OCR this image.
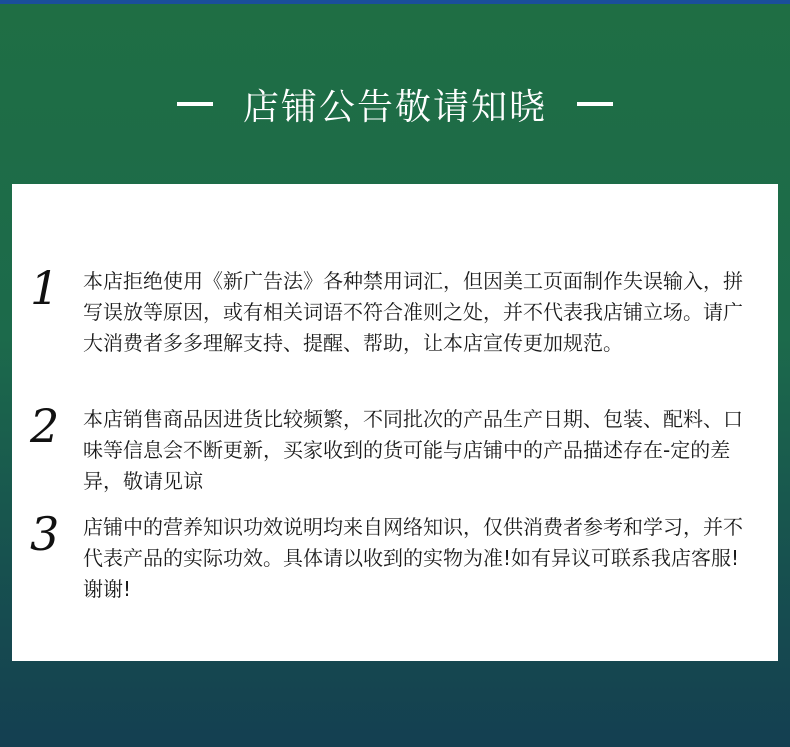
店铺公告敬请知晓
1	本店拒绝使用《新广告法》各种禁用词汇，但因美工页面制作失误输入，拼写误放等原因，或有相关词语不符合准则之处，并不代表我店铺立场。请广大消费者多多理解支持、提醒、帮助，让本店宣传更加规范。

2	本店销售商品因进货比较频繁，不同批次的产品生产日期、包装、配料、口味等信息会不断更新，买家收到的货可能与店铺中的产品描述存在-定的差异，敬请见谅

3	店铺中的营养知识功效说明均来自网络知识，仅供消费者参考和学习，并不代表产品的实际功效。具体请以收到的实物为准!如有异议可联系我店客服!谢谢!
